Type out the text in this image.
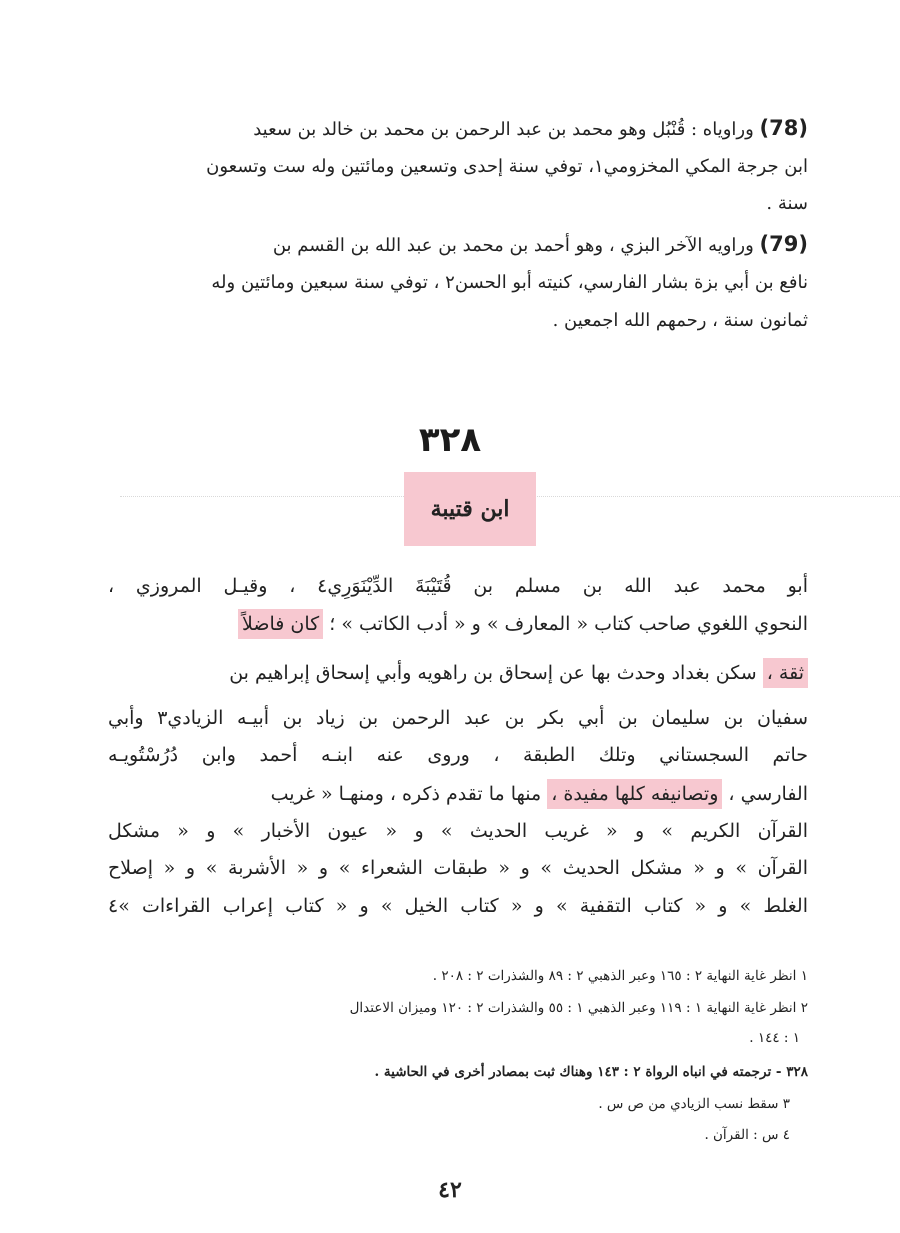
(78) وراوياه : قُنْبُل وهو محمد بن عبد الرحمن بن محمد بن خالد بن سعيد
ابن جرجة المكي المخزومي١، توفي سنة إحدى وتسعين ومائتين وله ست وتسعون
سنة .
(79) وراويه الآخر البزي ، وهو أحمد بن محمد بن عبد الله بن القسم بن
نافع بن أبي بزة بشار الفارسي، كنيته أبو الحسن٢ ، توفي سنة سبعين ومائتين وله
ثمانون سنة ، رحمهم الله اجمعين .
٣٢٨
ابن قتيبة
أبو محمد عبد الله بن مسلم بن قُتَيْبَةَ الدِّيْنَوَرِي٤ ، وقيـل المروزي ،
النحوي اللغوي صاحب كتاب « المعارف » و « أدب الكاتب » ؛ كان فاضلاً
ثقة ، سكن بغداد وحدث بها عن إسحاق بن راهويه وأبي إسحاق إبراهيم بن
سفيان بن سليمان بن أبي بكر بن عبد الرحمن بن زياد بن أبيـه الزيادي٣ وأبي
حاتم السجستاني وتلك الطبقة ، وروى عنه ابنـه أحمد وابن دُرُسْتُويـه
الفارسي ، وتصانيفه كلها مفيدة ، منها ما تقدم ذكره ، ومنهـا « غريب
القرآن الكريم » و « غريب الحديث » و « عيون الأخبار » و « مشكل
القرآن » و « مشكل الحديث » و « طبقات الشعراء » و « الأشربة » و « إصلاح
الغلط » و « كتاب التقفية » و « كتاب الخيل » و « كتاب إعراب القراءات »٤
١ انظر غاية النهاية ٢ : ١٦٥ وعبر الذهبي ٢ : ٨٩ والشذرات ٢ : ٢٠٨ .
٢ انظر غاية النهاية ١ : ١١٩ وعبر الذهبي ١ : ٥٥ والشذرات ٢ : ١٢٠ وميزان الاعتدال
١ : ١٤٤ .
٣٢٨ - ترجمته في انباه الرواة ٢ : ١٤٣ وهناك ثبت بمصادر أخرى في الحاشية .
٣ سقط نسب الزيادي من ص س .
٤ س : القرآن .
٤٢
